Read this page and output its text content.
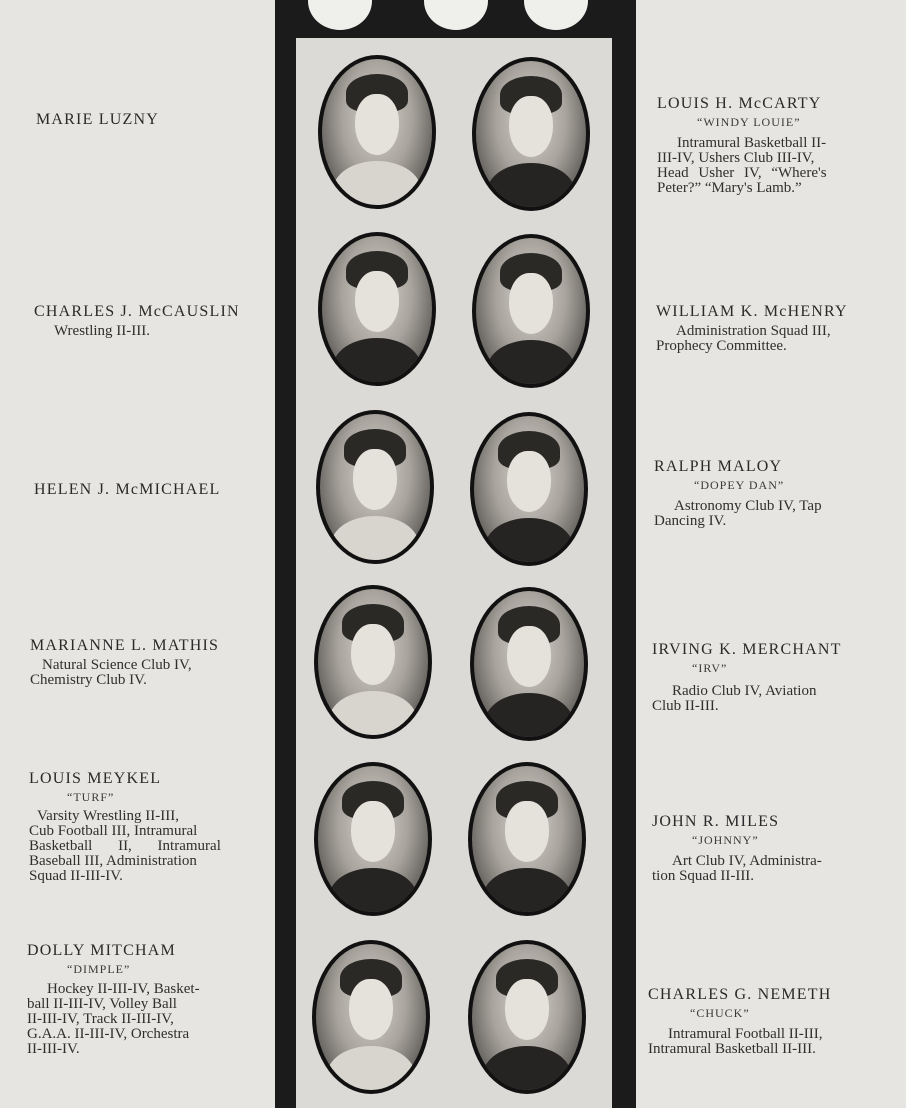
MARIE LUZNY
CHARLES J. McCAUSLIN
Wrestling II-III.
HELEN J. McMICHAEL
MARIANNE L. MATHIS
Natural Science Club IV,
Chemistry Club IV.
LOUIS MEYKEL
“TURF”
Varsity Wrestling II-III,
Cub Football III, Intramural
Basketball II, Intramural
Baseball III, Administration
Squad II-III-IV.
DOLLY MITCHAM
“DIMPLE”
Hockey II-III-IV, Basket-
ball II-III-IV, Volley Ball
II-III-IV, Track II-III-IV,
G.A.A. II-III-IV, Orchestra
II-III-IV.
LOUIS H. McCARTY
“WINDY LOUIE”
Intramural Basketball II-
III-IV, Ushers Club III-IV,
Head Usher IV, “Where's
Peter?” “Mary's Lamb.”
WILLIAM K. McHENRY
Administration Squad III,
Prophecy Committee.
RALPH MALOY
“DOPEY DAN”
Astronomy Club IV, Tap
Dancing IV.
IRVING K. MERCHANT
“IRV”
Radio Club IV, Aviation
Club II-III.
JOHN R. MILES
“JOHNNY”
Art Club IV, Administra-
tion Squad II-III.
CHARLES G. NEMETH
“CHUCK”
Intramural Football II-III,
Intramural Basketball II-III.
